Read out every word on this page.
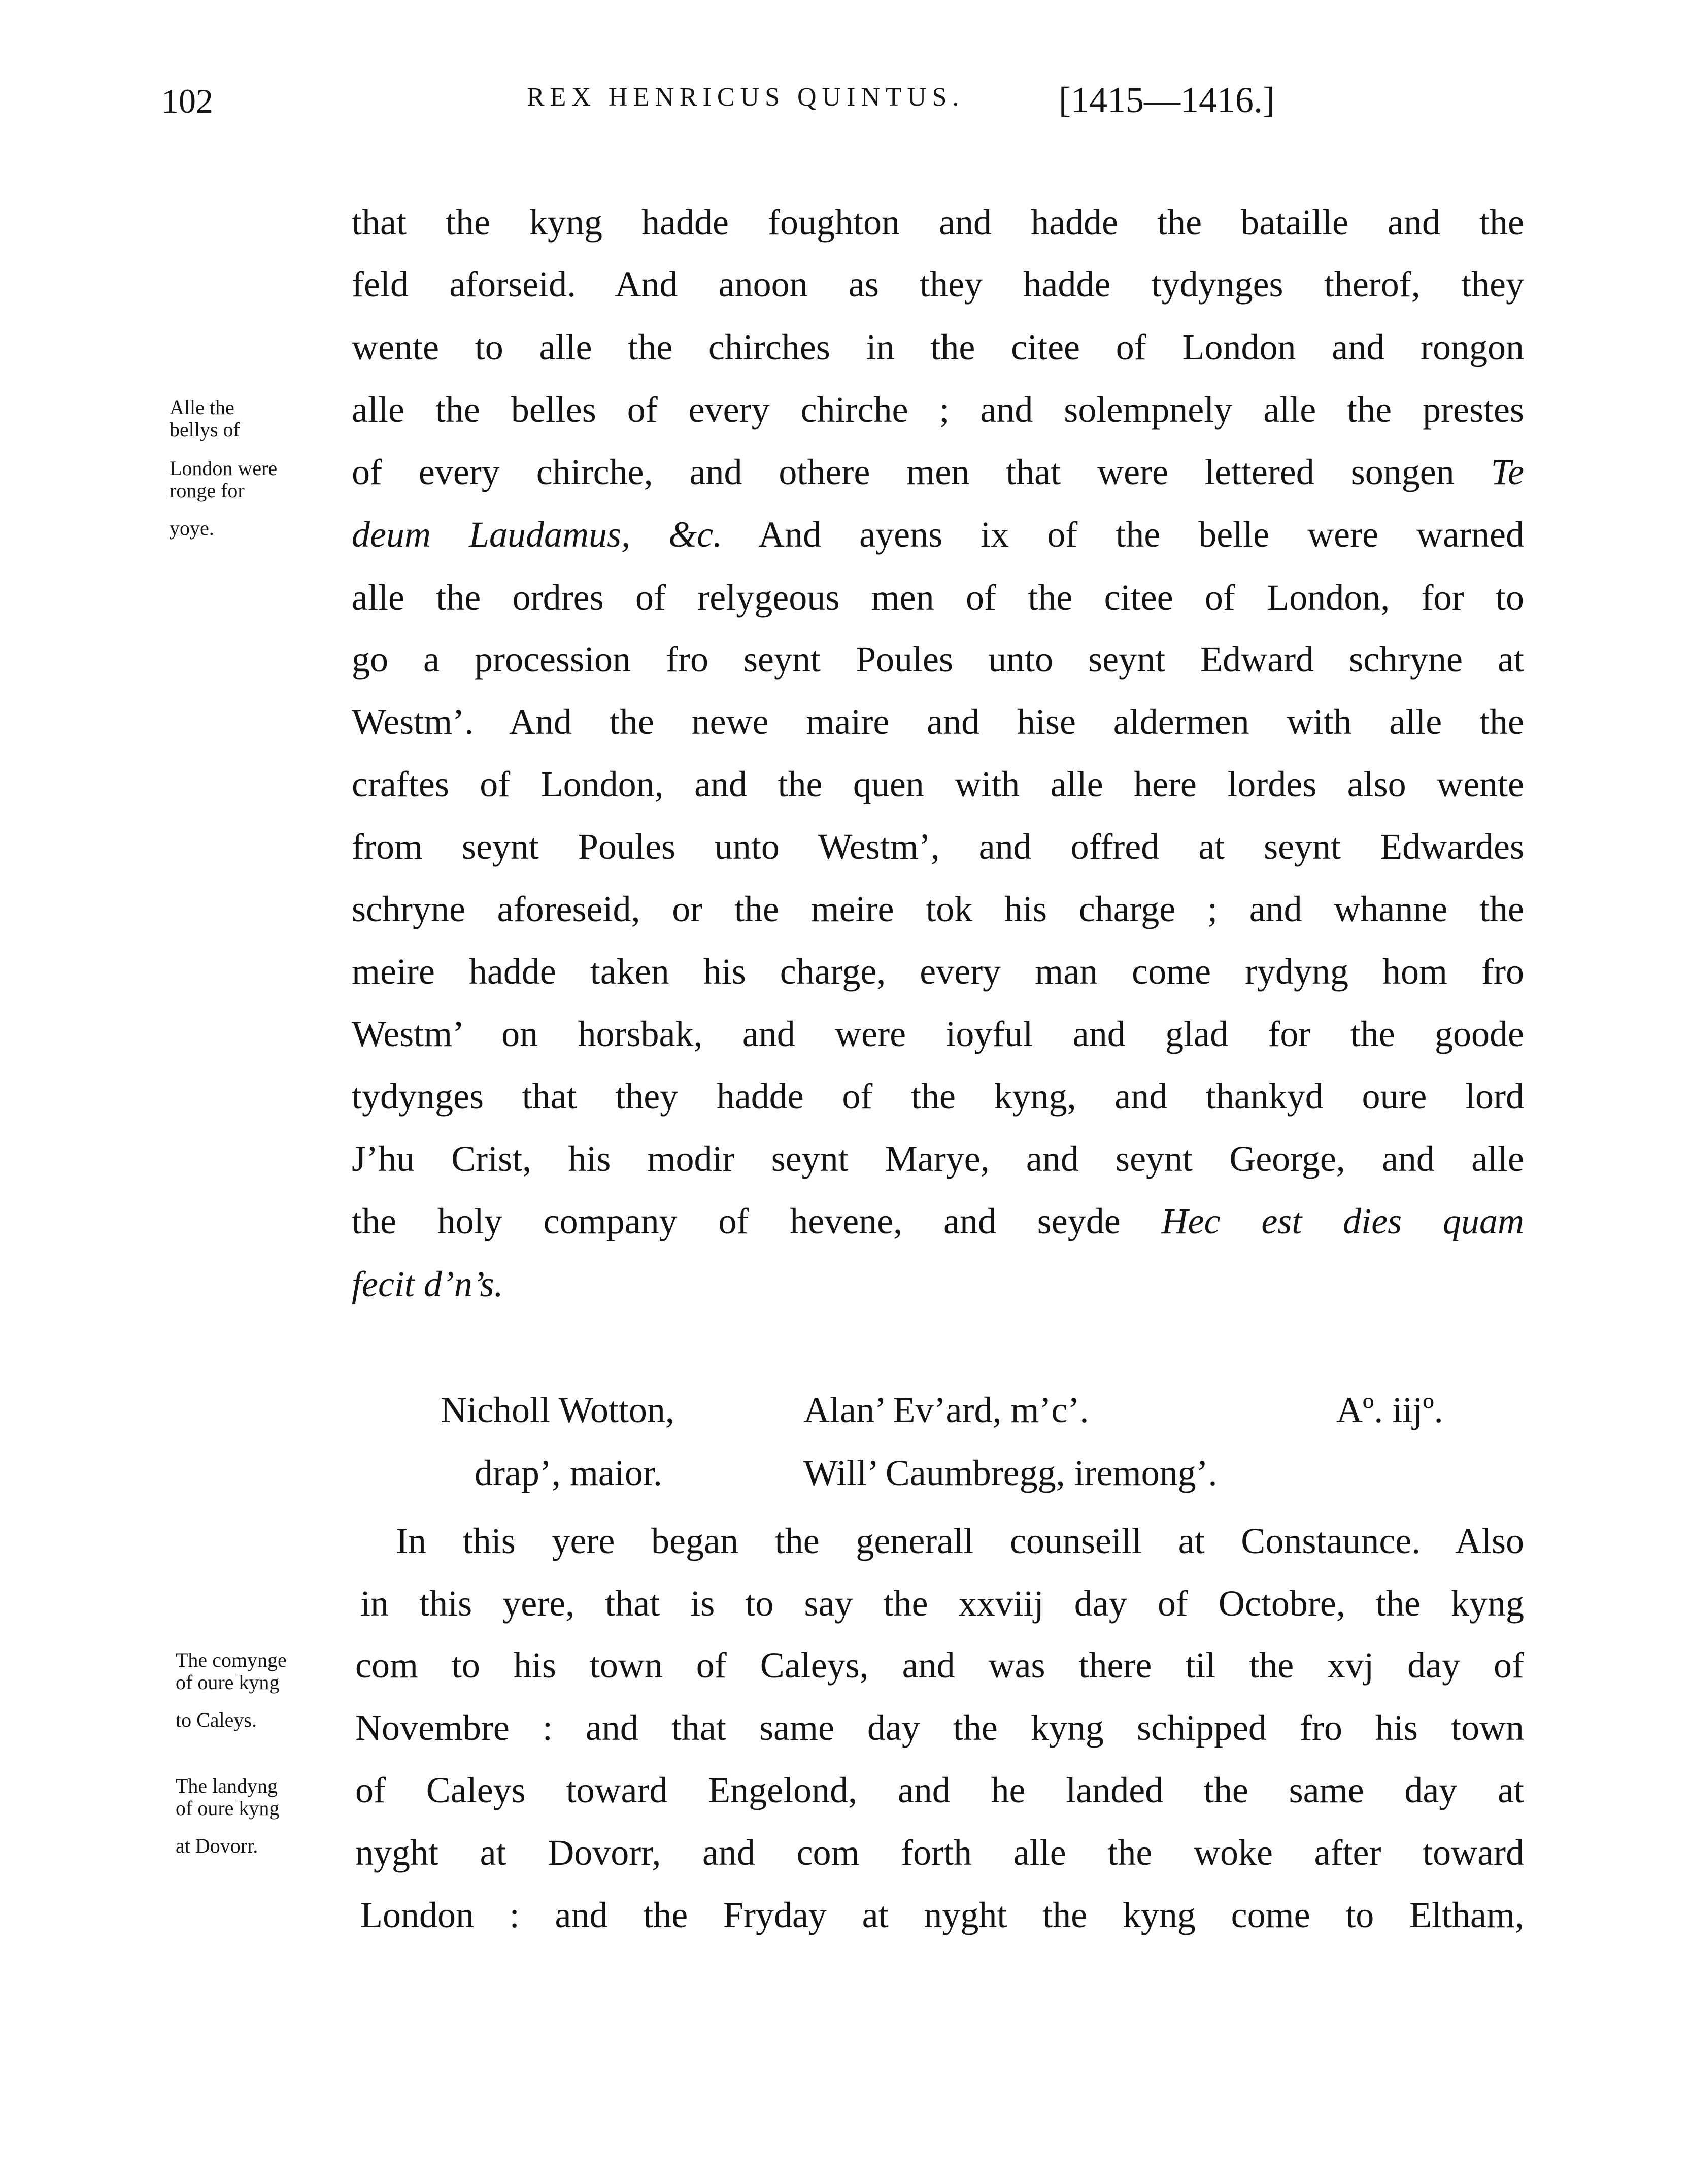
102	REX HENRICUS QUINTUS.	[1415—1416.]
Alle the
bellys of
London were
ronge for
yoye.
that the kyng hadde foughton and hadde the bataille and the
feld aforseid. And anoon as they hadde tydynges therof, they
wente to alle the chirches in the citee of London and rongon
alle the belles of every chirche ; and solempnely alle the prestes
of every chirche, and othere men that were lettered songen Te
deum Laudamus, &c. And ayens ix of the belle were warned
alle the ordres of relygeous men of the citee of London, for to
go a procession fro seynt Poules unto seynt Edward schryne at
Westm’. And the newe maire and hise aldermen with alle the
craftes of London, and the quen with alle here lordes also wente
from seynt Poules unto Westm’, and offred at seynt Edwardes
schryne aforeseid, or the meire tok his charge ; and whanne the
meire hadde taken his charge, every man come rydyng hom fro
Westm’ on horsbak, and were ioyful and glad for the goode
tydynges that they hadde of the kyng, and thankyd oure lord
J’hu Crist, his modir seynt Marye, and seynt George, and alle
the holy company of hevene, and seyde Hec est dies quam
fecit d’n’s.
Nicholl Wotton,	Alan’ Ev’ard, m’c’.	Aº. iijº.
drap’, maior.	Will’ Caumbregg, iremong’.
The comynge
of oure kyng
to Caleys.
The landyng
of oure kyng
at Dovorr.
In this yere began the generall counseill at Constaunce. Also
in this yere, that is to say the xxviij day of Octobre, the kyng
com to his town of Caleys, and was there til the xvj day of
Novembre : and that same day the kyng schipped fro his town
of Caleys toward Engelond, and he landed the same day at
nyght at Dovorr, and com forth alle the woke after toward
London : and the Fryday at nyght the kyng come to Eltham,
